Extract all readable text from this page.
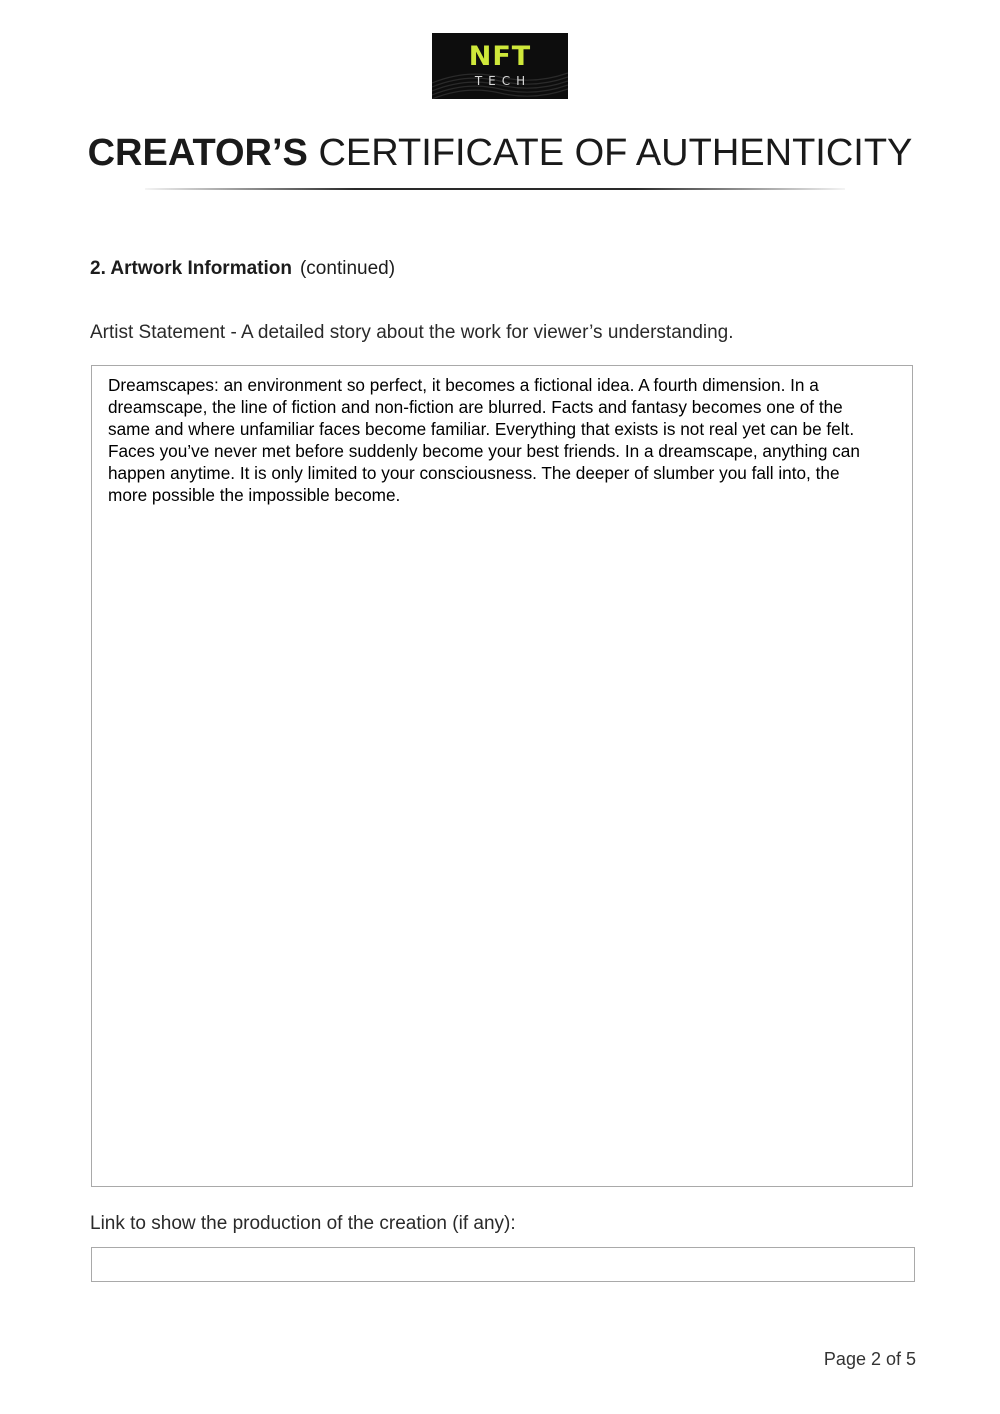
NFT
TECH
CREATOR’S CERTIFICATE OF AUTHENTICITY
2. Artwork Information (continued)
Artist Statement - A detailed story about the work for viewer’s understanding.

Dreamscapes: an environment so perfect, it becomes a fictional idea. A fourth dimension. In a dreamscape, the line of fiction and non-fiction are blurred. Facts and fantasy becomes one of the same and where unfamiliar faces become familiar. Everything that exists is not real yet can be felt. Faces you’ve never met before suddenly become your best friends. In a dreamscape, anything can happen anytime. It is only limited to your consciousness. The deeper of slumber you fall into, the more possible the impossible become.

Link to show the production of the creation (if any):
Page 2 of 5
